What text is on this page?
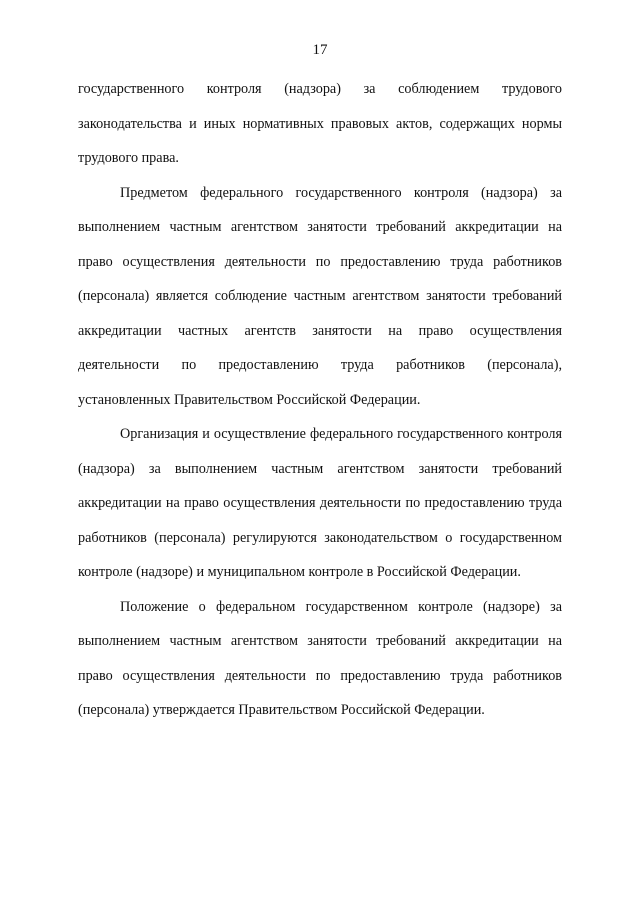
17

государственного контроля (надзора) за соблюдением трудового законодательства и иных нормативных правовых актов, содержащих нормы трудового права.

Предметом федерального государственного контроля (надзора) за выполнением частным агентством занятости требований аккредитации на право осуществления деятельности по предоставлению труда работников (персонала) является соблюдение частным агентством занятости требований аккредитации частных агентств занятости на право осуществления деятельности по предоставлению труда работников (персонала), установленных Правительством Российской Федерации.

Организация и осуществление федерального государственного контроля (надзора) за выполнением частным агентством занятости требований аккредитации на право осуществления деятельности по предоставлению труда работников (персонала) регулируются законодательством о государственном контроле (надзоре) и муниципальном контроле в Российской Федерации.

Положение о федеральном государственном контроле (надзоре) за выполнением частным агентством занятости требований аккредитации на право осуществления деятельности по предоставлению труда работников (персонала) утверждается Правительством Российской Федерации.
